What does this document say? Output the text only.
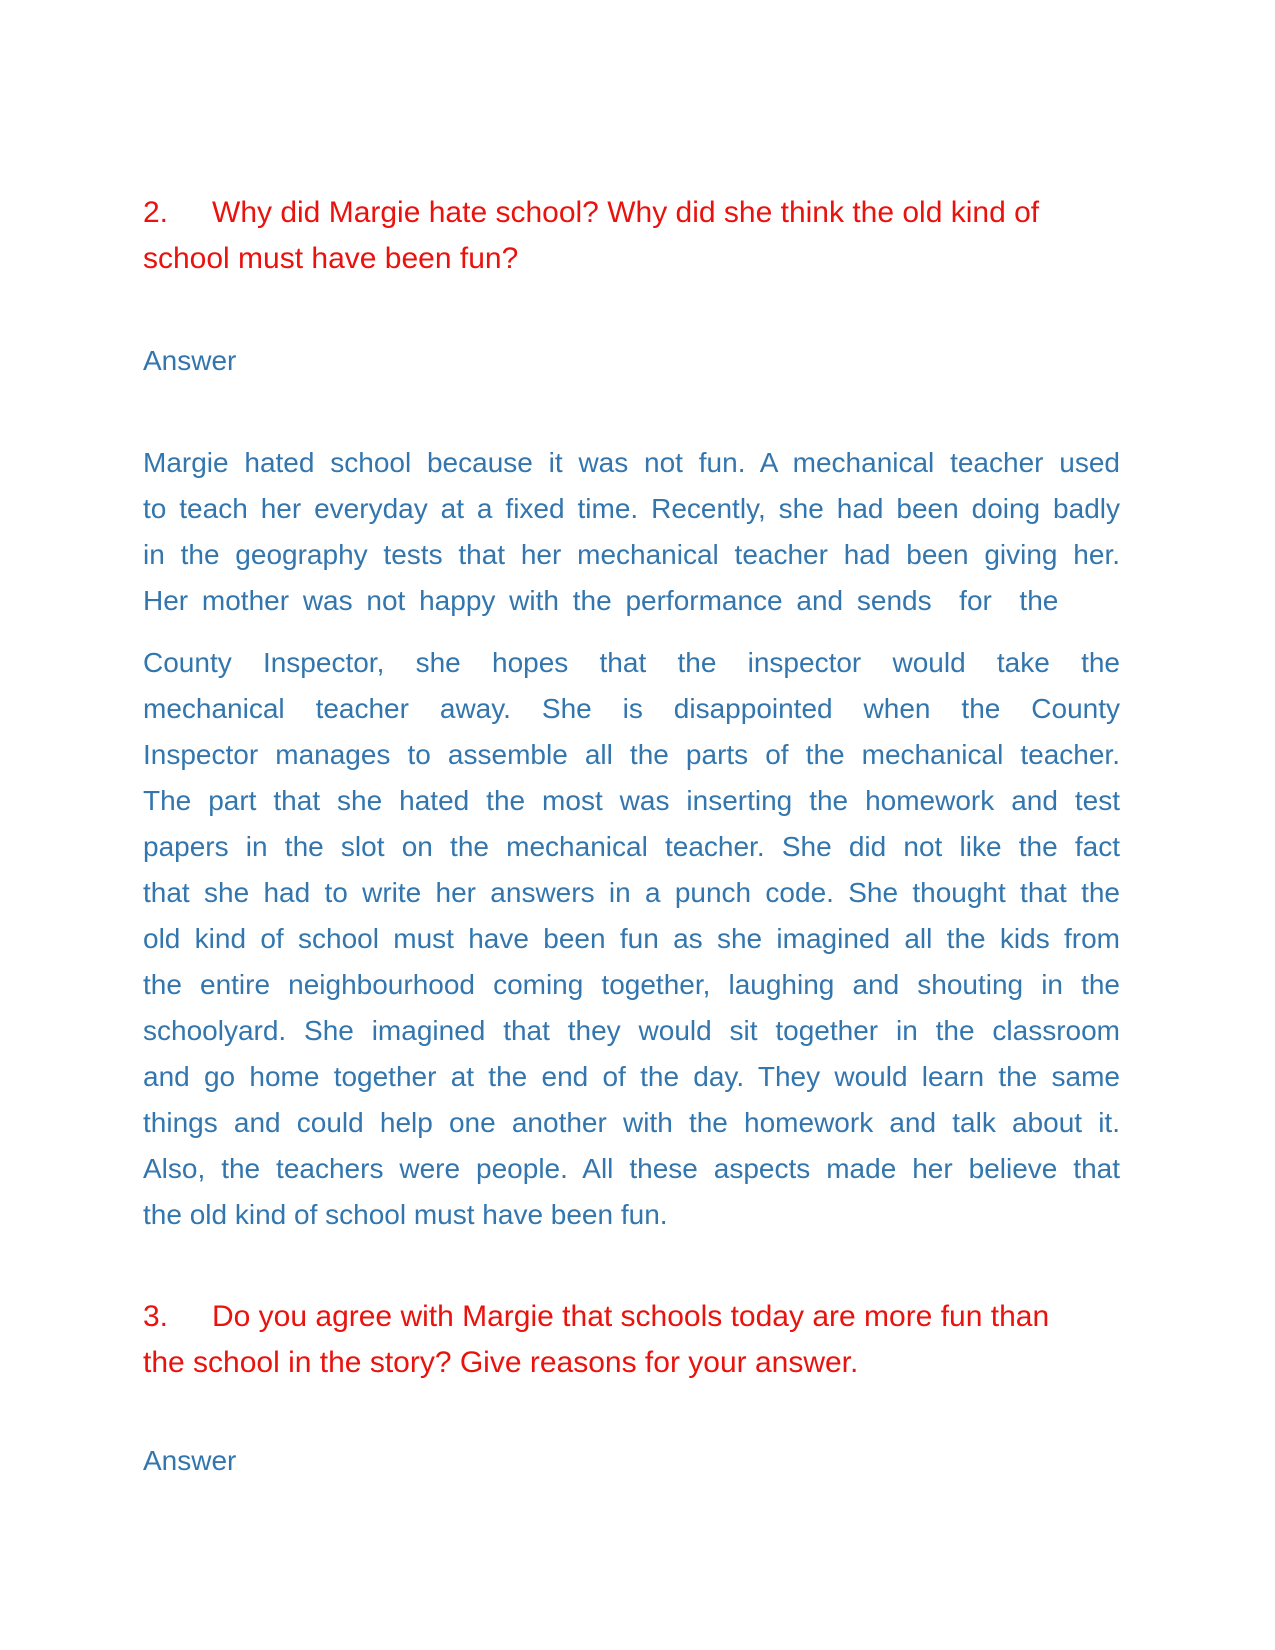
2. Why did Margie hate school? Why did she think the old kind of
school must have been fun?
Answer
Margie hated school because it was not fun. A mechanical teacher used
to teach her everyday at a fixed time. Recently, she had been doing badly
in the geography tests that her mechanical teacher had been giving her.
Her mother was not happy with the performance and sends  for  the
County Inspector, she hopes that the inspector would take the
mechanical teacher away. She is disappointed when the County
Inspector manages to assemble all the parts of the mechanical teacher.
The part that she hated the most was inserting the homework and test
papers in the slot on the mechanical teacher. She did not like the fact
that she had to write her answers in a punch code. She thought that the
old kind of school must have been fun as she imagined all the kids from
the entire neighbourhood coming together, laughing and shouting in the
schoolyard. She imagined that they would sit together in the classroom
and go home together at the end of the day. They would learn the same
things and could help one another with the homework and talk about it.
Also, the teachers were people. All these aspects made her believe that
the old kind of school must have been fun.
3. Do you agree with Margie that schools today are more fun than
the school in the story? Give reasons for your answer.
Answer
